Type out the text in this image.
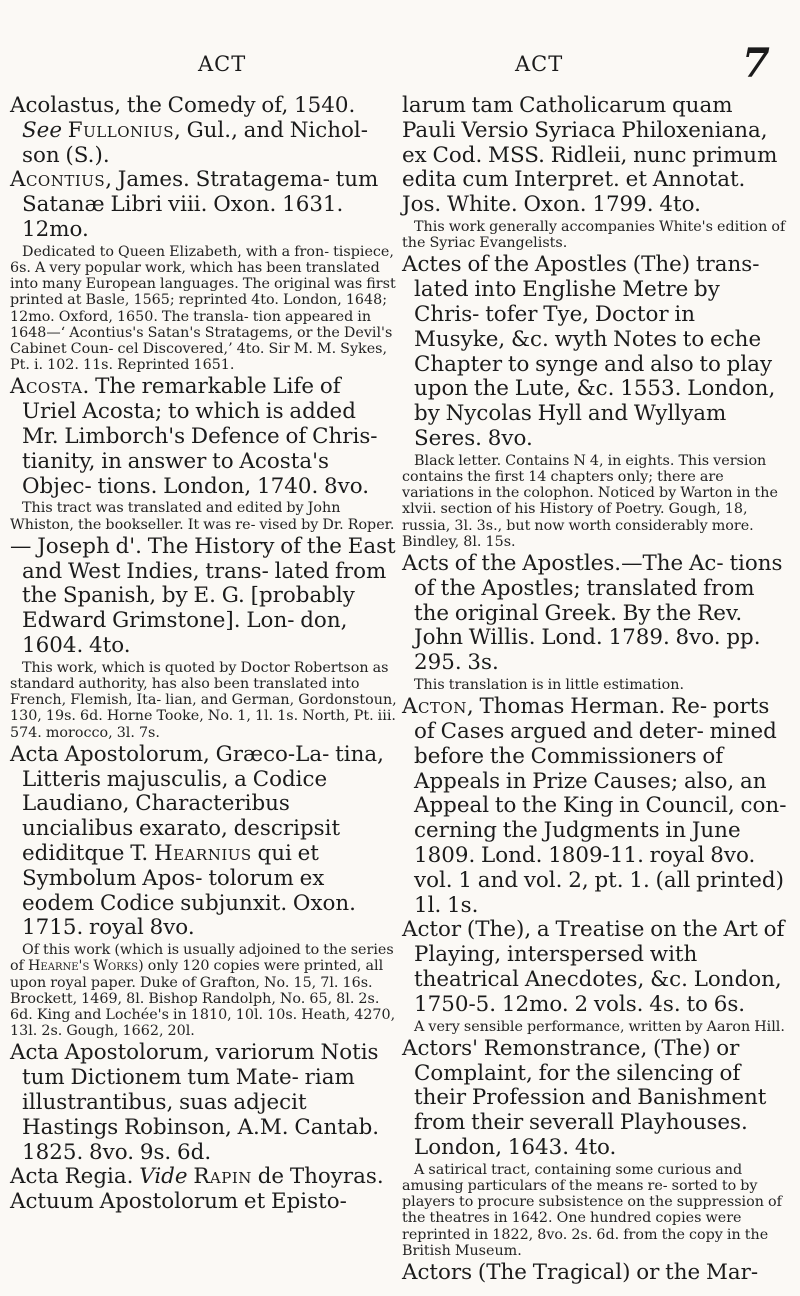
ACT	ACT	7

Acolastus, the Comedy of, 1540. See Fullonius, Gul., and Nichol- son (S.).

Acontius, James. Stratagema- tum Satanæ Libri viii. Oxon. 1631. 12mo.

Dedicated to Queen Elizabeth, with a fron- tispiece, 6s. A very popular work, which has been translated into many European languages. The original was first printed at Basle, 1565; reprinted 4to. London, 1648; 12mo. Oxford, 1650. The transla- tion appeared in 1648—‘ Acontius's Satan's Stratagems, or the Devil's Cabinet Coun- cel Discovered,’ 4to. Sir M. M. Sykes, Pt. i. 102. 11s. Reprinted 1651.

Acosta. The remarkable Life of Uriel Acosta; to which is added Mr. Limborch's Defence of Chris- tianity, in answer to Acosta's Objec- tions. London, 1740. 8vo.

This tract was translated and edited by John Whiston, the bookseller. It was re- vised by Dr. Roper.

— Joseph d'. The History of the East and West Indies, trans- lated from the Spanish, by E. G. [probably Edward Grimstone]. Lon- don, 1604. 4to.

This work, which is quoted by Doctor Robertson as standard authority, has also been translated into French, Flemish, Ita- lian, and German, Gordonstoun, 130, 19s. 6d. Horne Tooke, No. 1, 1l. 1s. North, Pt. iii. 574. morocco, 3l. 7s.

Acta Apostolorum, Græco-La- tina, Litteris majusculis, a Codice Laudiano, Characteribus uncialibus exarato, descripsit ediditque T. Hearnius qui et Symbolum Apos- tolorum ex eodem Codice subjunxit. Oxon. 1715. royal 8vo.

Of this work (which is usually adjoined to the series of Hearne's Works) only 120 copies were printed, all upon royal paper. Duke of Grafton, No. 15, 7l. 16s. Brockett, 1469, 8l. Bishop Randolph, No. 65, 8l. 2s. 6d. King and Lochée's in 1810, 10l. 10s. Heath, 4270, 13l. 2s. Gough, 1662, 20l.

Acta Apostolorum, variorum Notis tum Dictionem tum Mate- riam illustrantibus, suas adjecit Hastings Robinson, A.M. Cantab. 1825. 8vo. 9s. 6d.

Acta Regia. Vide Rapin de Thoyras.

Actuum Apostolorum et Episto-

larum tam Catholicarum quam Pauli Versio Syriaca Philoxeniana, ex Cod. MSS. Ridleii, nunc primum edita cum Interpret. et Annotat. Jos. White. Oxon. 1799. 4to.

This work generally accompanies White's edition of the Syriac Evangelists.

Actes of the Apostles (The) trans- lated into Englishe Metre by Chris- tofer Tye, Doctor in Musyke, &c. wyth Notes to eche Chapter to synge and also to play upon the Lute, &c. 1553. London, by Nycolas Hyll and Wyllyam Seres. 8vo.

Black letter. Contains N 4, in eights. This version contains the first 14 chapters only; there are variations in the colophon. Noticed by Warton in the xlvii. section of his History of Poetry. Gough, 18, russia, 3l. 3s., but now worth considerably more. Bindley, 8l. 15s.

Acts of the Apostles.—The Ac- tions of the Apostles; translated from the original Greek. By the Rev. John Willis. Lond. 1789. 8vo. pp. 295. 3s.

This translation is in little estimation.

Acton, Thomas Herman. Re- ports of Cases argued and deter- mined before the Commissioners of Appeals in Prize Causes; also, an Appeal to the King in Council, con- cerning the Judgments in June 1809. Lond. 1809-11. royal 8vo. vol. 1 and vol. 2, pt. 1. (all printed) 1l. 1s.

Actor (The), a Treatise on the Art of Playing, interspersed with theatrical Anecdotes, &c. London, 1750-5. 12mo. 2 vols. 4s. to 6s.

A very sensible performance, written by Aaron Hill.

Actors' Remonstrance, (The) or Complaint, for the silencing of their Profession and Banishment from their severall Playhouses. London, 1643. 4to.

A satirical tract, containing some curious and amusing particulars of the means re- sorted to by players to procure subsistence on the suppression of the theatres in 1642. One hundred copies were reprinted in 1822, 8vo. 2s. 6d. from the copy in the British Museum.

Actors (The Tragical) or the Mar-
